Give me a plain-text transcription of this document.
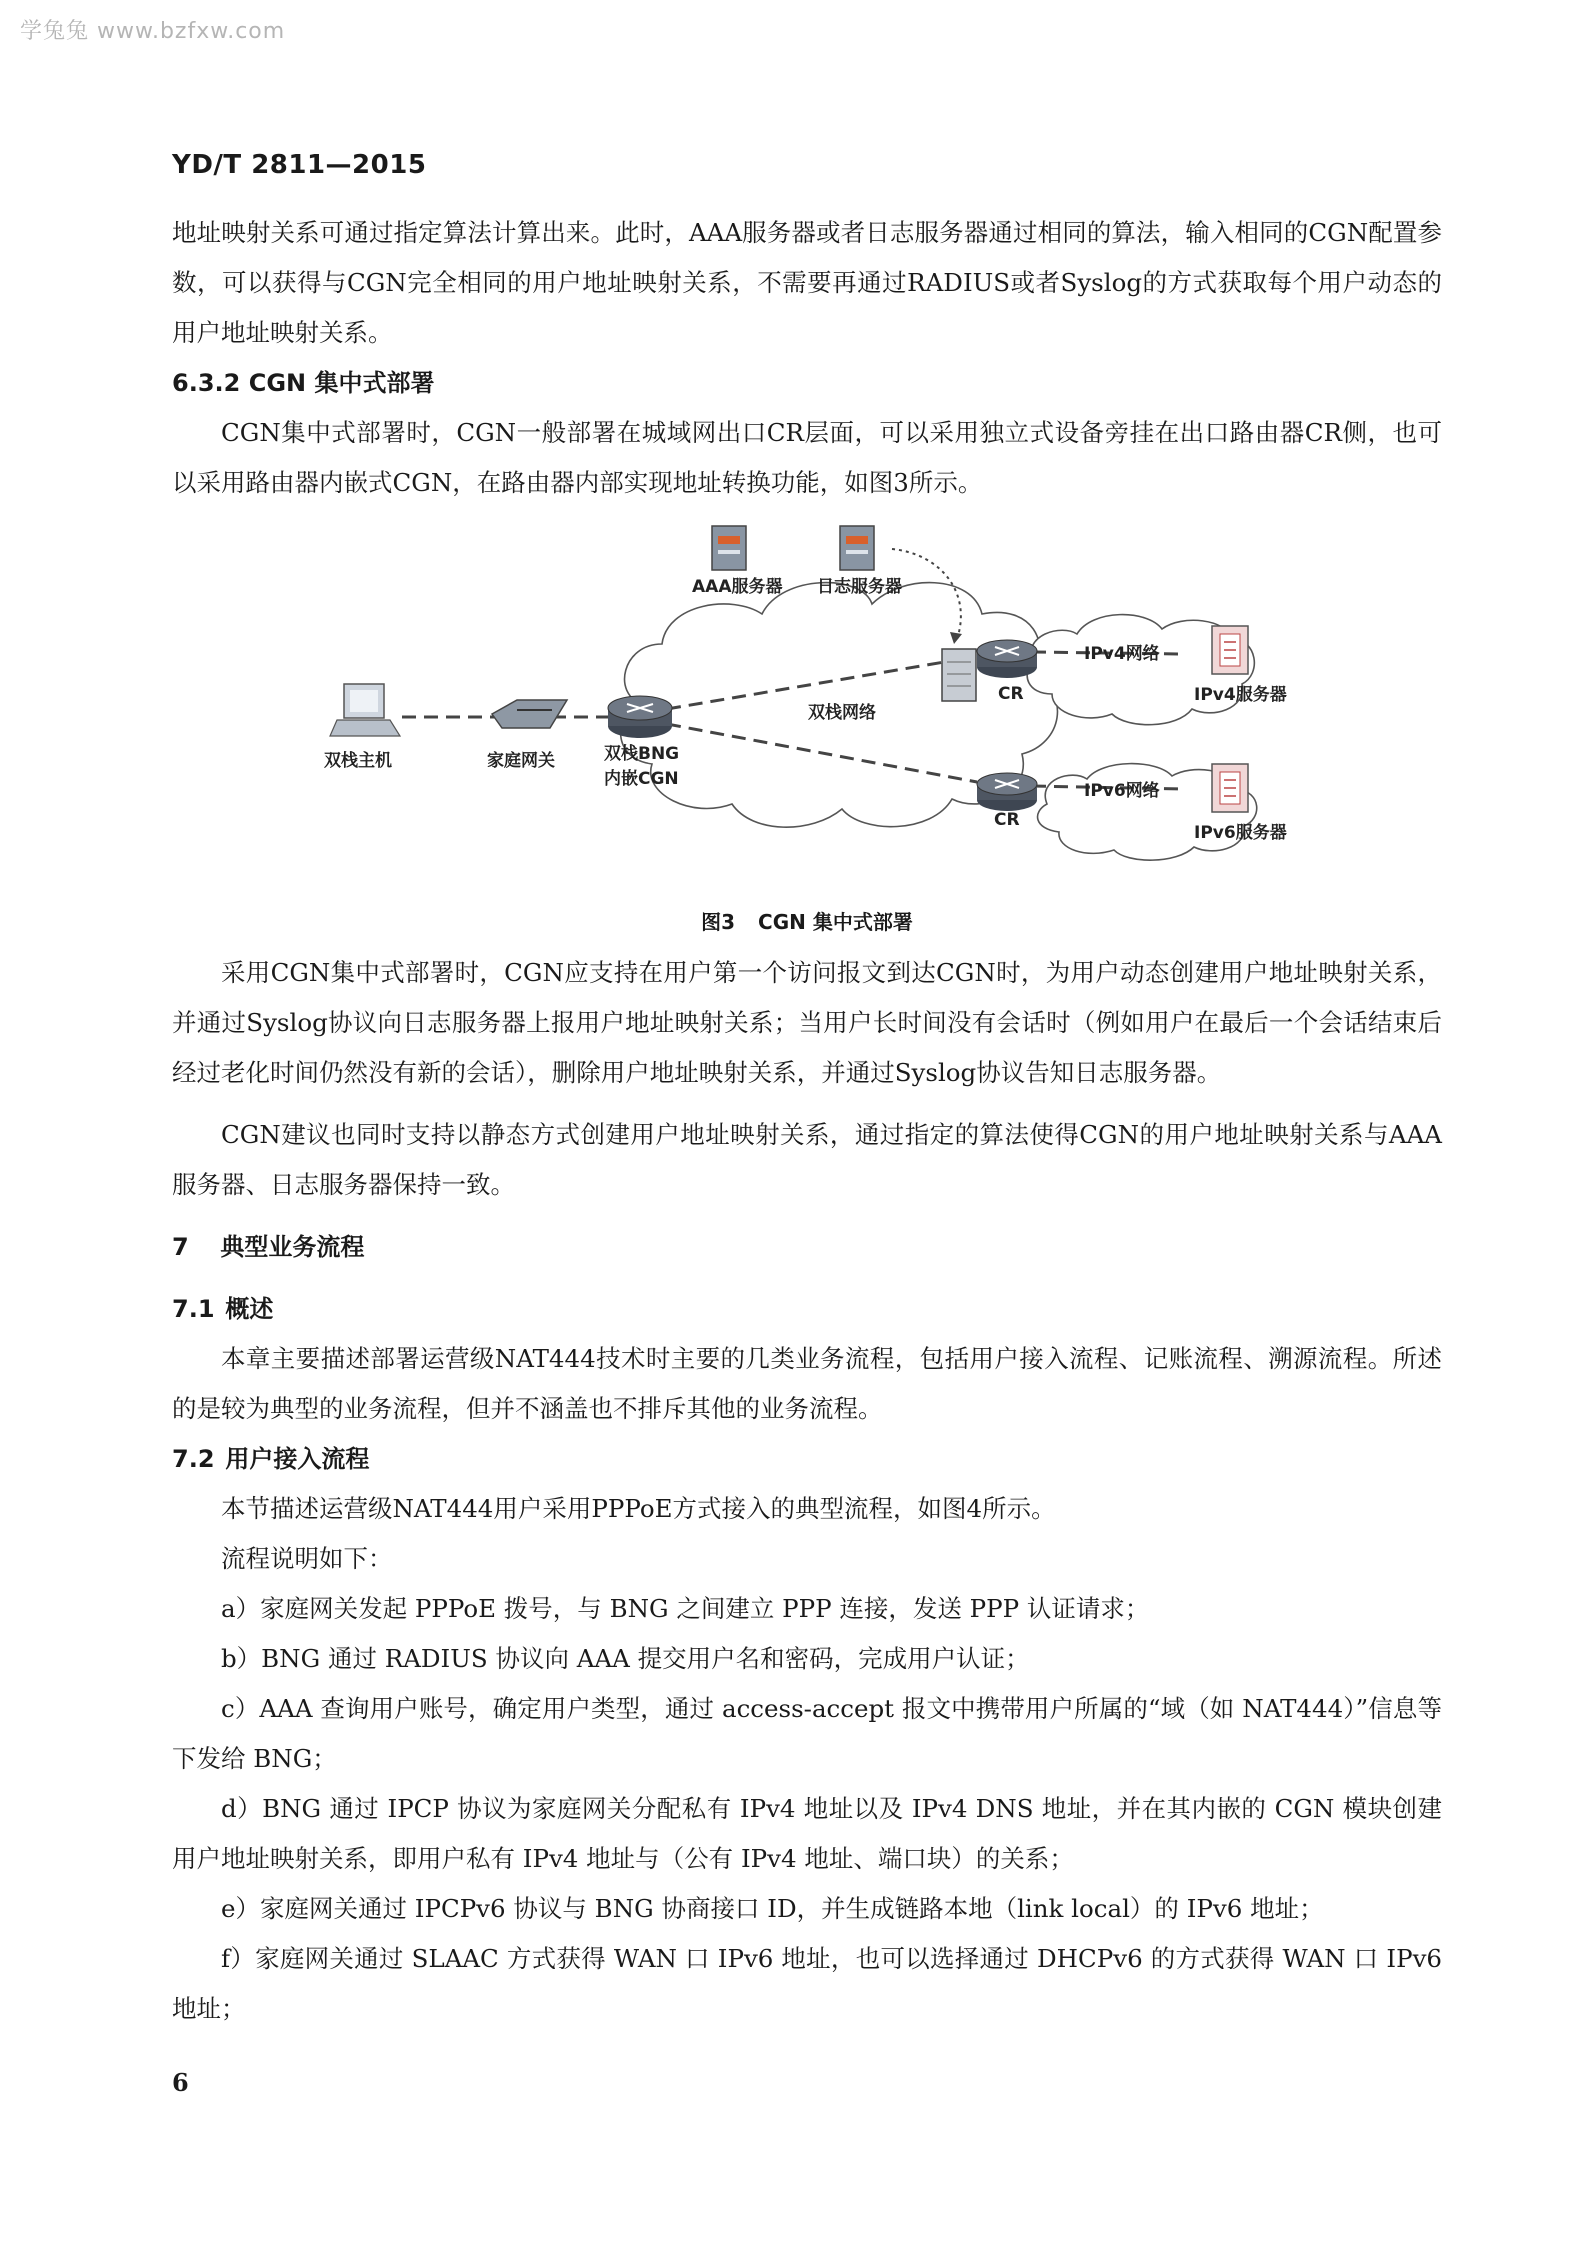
学兔兔 www.bzfxw.com
YD/T 2811—2015

地址映射关系可通过指定算法计算出来。此时，AAA服务器或者日志服务器通过相同的算法，输入相同的CGN配置参数，可以获得与CGN完全相同的用户地址映射关系，不需要再通过RADIUS或者Syslog的方式获取每个用户动态的用户地址映射关系。

6.3.2 CGN 集中式部署

CGN集中式部署时，CGN一般部署在城域网出口CR层面，可以采用独立式设备旁挂在出口路由器CR侧，也可以采用路由器内嵌式CGN，在路由器内部实现地址转换功能，如图3所示。

AAA服务器 日志服务器
双栈主机	家庭网关	双栈BNG
内嵌CGN
双栈网络
CR
CR
IPv4网络
IPv6网络
IPv4服务器
IPv6服务器
图3 CGN 集中式部署

采用CGN集中式部署时，CGN应支持在用户第一个访问报文到达CGN时，为用户动态创建用户地址映射关系，并通过Syslog协议向日志服务器上报用户地址映射关系；当用户长时间没有会话时（例如用户在最后一个会话结束后经过老化时间仍然没有新的会话），删除用户地址映射关系，并通过Syslog协议告知日志服务器。

CGN建议也同时支持以静态方式创建用户地址映射关系，通过指定的算法使得CGN的用户地址映射关系与AAA服务器、日志服务器保持一致。

7 典型业务流程
7.1 概述

本章主要描述部署运营级NAT444技术时主要的几类业务流程，包括用户接入流程、记账流程、溯源流程。所述的是较为典型的业务流程，但并不涵盖也不排斥其他的业务流程。

7.2 用户接入流程

本节描述运营级NAT444用户采用PPPoE方式接入的典型流程，如图4所示。

流程说明如下：

a）家庭网关发起 PPPoE 拨号，与 BNG 之间建立 PPP 连接，发送 PPP 认证请求；

b）BNG 通过 RADIUS 协议向 AAA 提交用户名和密码，完成用户认证；

c）AAA 查询用户账号，确定用户类型，通过 access-accept 报文中携带用户所属的“域（如 NAT444）”信息等下发给 BNG；

d）BNG 通过 IPCP 协议为家庭网关分配私有 IPv4 地址以及 IPv4 DNS 地址，并在其内嵌的 CGN 模块创建用户地址映射关系，即用户私有 IPv4 地址与（公有 IPv4 地址、端口块）的关系；

e）家庭网关通过 IPCPv6 协议与 BNG 协商接口 ID，并生成链路本地（link local）的 IPv6 地址；

f）家庭网关通过 SLAAC 方式获得 WAN 口 IPv6 地址，也可以选择通过 DHCPv6 的方式获得 WAN 口 IPv6 地址；

6
